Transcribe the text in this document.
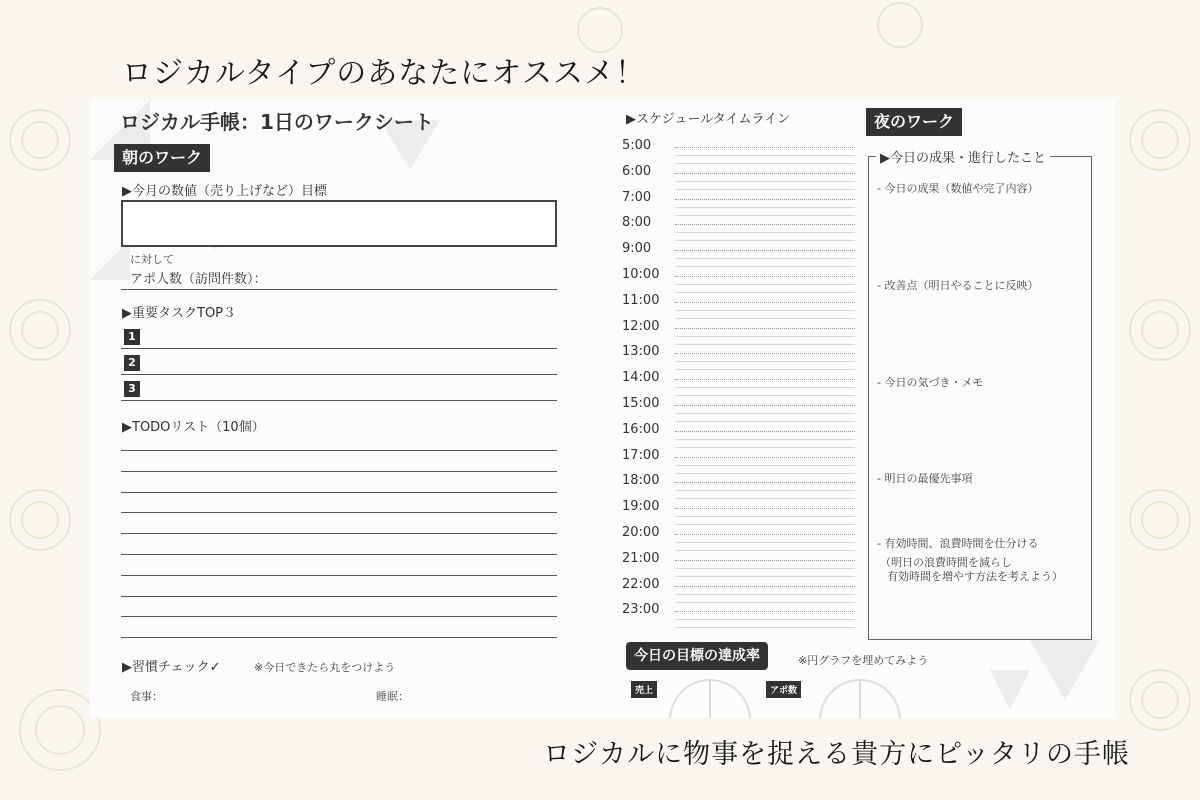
ロジカルタイプのあなたにオススメ！
ロジカルに物事を捉える貴方にピッタリの手帳
ロジカル手帳：1日のワークシート
朝のワーク
▶今月の数値（売り上げなど）目標
に対して
アポ人数（訪問件数）：
▶重要タスクTOP３
1
2
3
▶TODOリスト（10個）
▶習慣チェック✓	※今日できたら丸をつけよう
食事：	睡眠：
▶スケジュールタイムライン
5:00
6:00
7:00
8:00
9:00
10:00
11:00
12:00
13:00
14:00
15:00
16:00
17:00
18:00
19:00
20:00
21:00
22:00
23:00
今日の目標の達成率	※円グラフを埋めてみよう
売上	アポ数
夜のワーク
▶今日の成果・進行したこと
- 今日の成果（数値や完了内容）
- 改善点（明日やることに反映）
- 今日の気づき・メモ
- 明日の最優先事項
- 有効時間、浪費時間を仕分ける
（明日の浪費時間を減らし
有効時間を増やす方法を考えよう）
